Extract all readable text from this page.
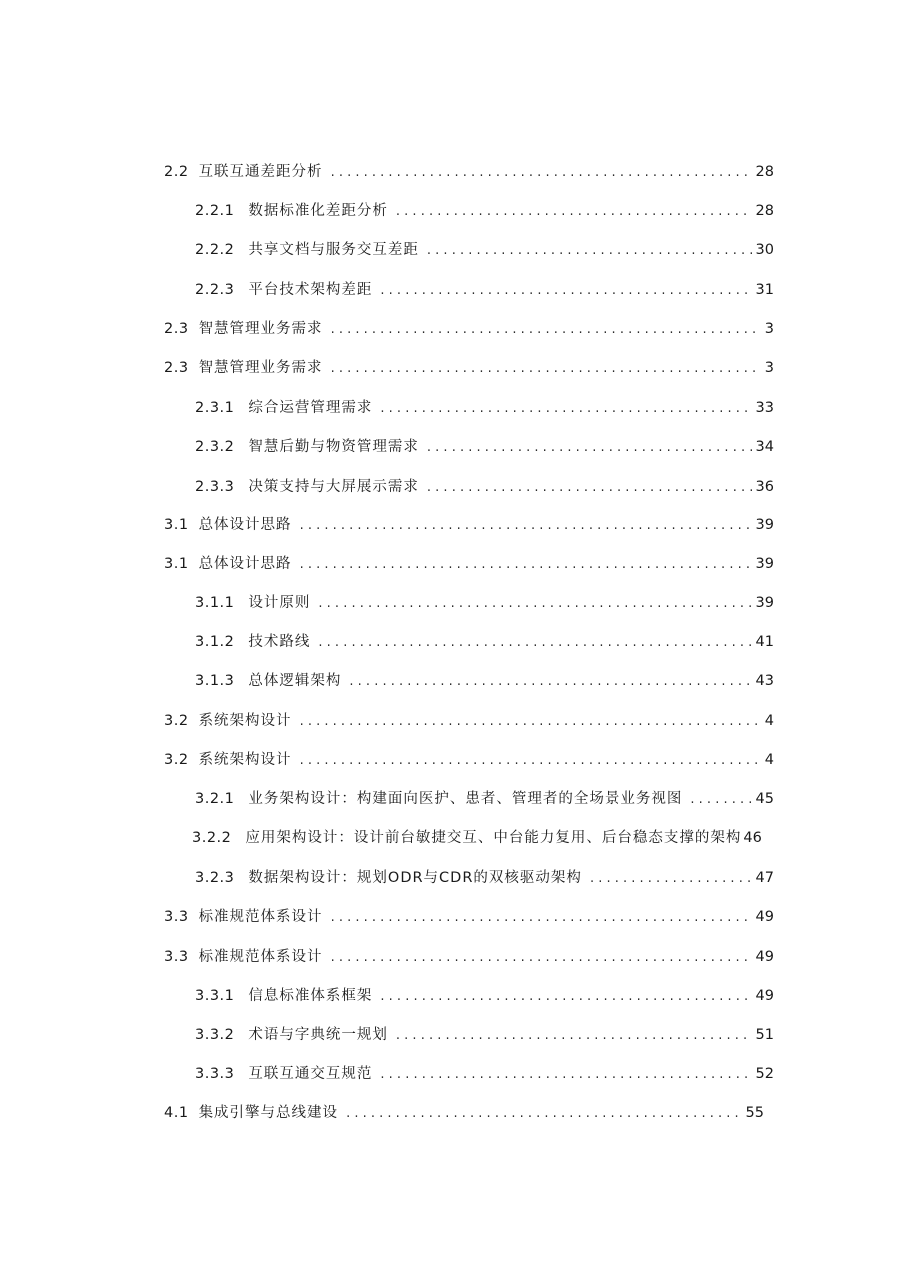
2.2 互联互通差距分析 . . .	28
2.2.1 数据标准化差距分析 . . .	28
2.2.2 共享文档与服务交互差距 . . .	30
2.2.3 平台技术架构差距 . . .	31
2.3 智慧管理业务需求 . . .	3
2.3 智慧管理业务需求 . . .	3
2.3.1 综合运营管理需求 . . .	33
2.3.2 智慧后勤与物资管理需求 . . .	34
2.3.3 决策支持与大屏展示需求 . . .	36
3.1 总体设计思路 . . .	39
3.1 总体设计思路 . . .	39
3.1.1 设计原则 . . .	39
3.1.2 技术路线 . . .	41
3.1.3 总体逻辑架构 . . .	43
3.2 系统架构设计 . . .	4
3.2 系统架构设计 . . .	4
3.2.1 业务架构设计：构建面向医护、患者、管理者的全场景业务视图 . . .	45
3.2.2 应用架构设计：设计前台敏捷交互、中台能力复用、后台稳态支撑的架构 46
3.2.3 数据架构设计：规划ODR与CDR的双核驱动架构 . . .	47
3.3 标准规范体系设计 . . .	49
3.3 标准规范体系设计 . . .	49
3.3.1 信息标准体系框架 . . .	49
3.3.2 术语与字典统一规划 . . .	51
3.3.3 互联互通交互规范 . . .	52
4.1 集成引擎与总线建设 . . .	55
